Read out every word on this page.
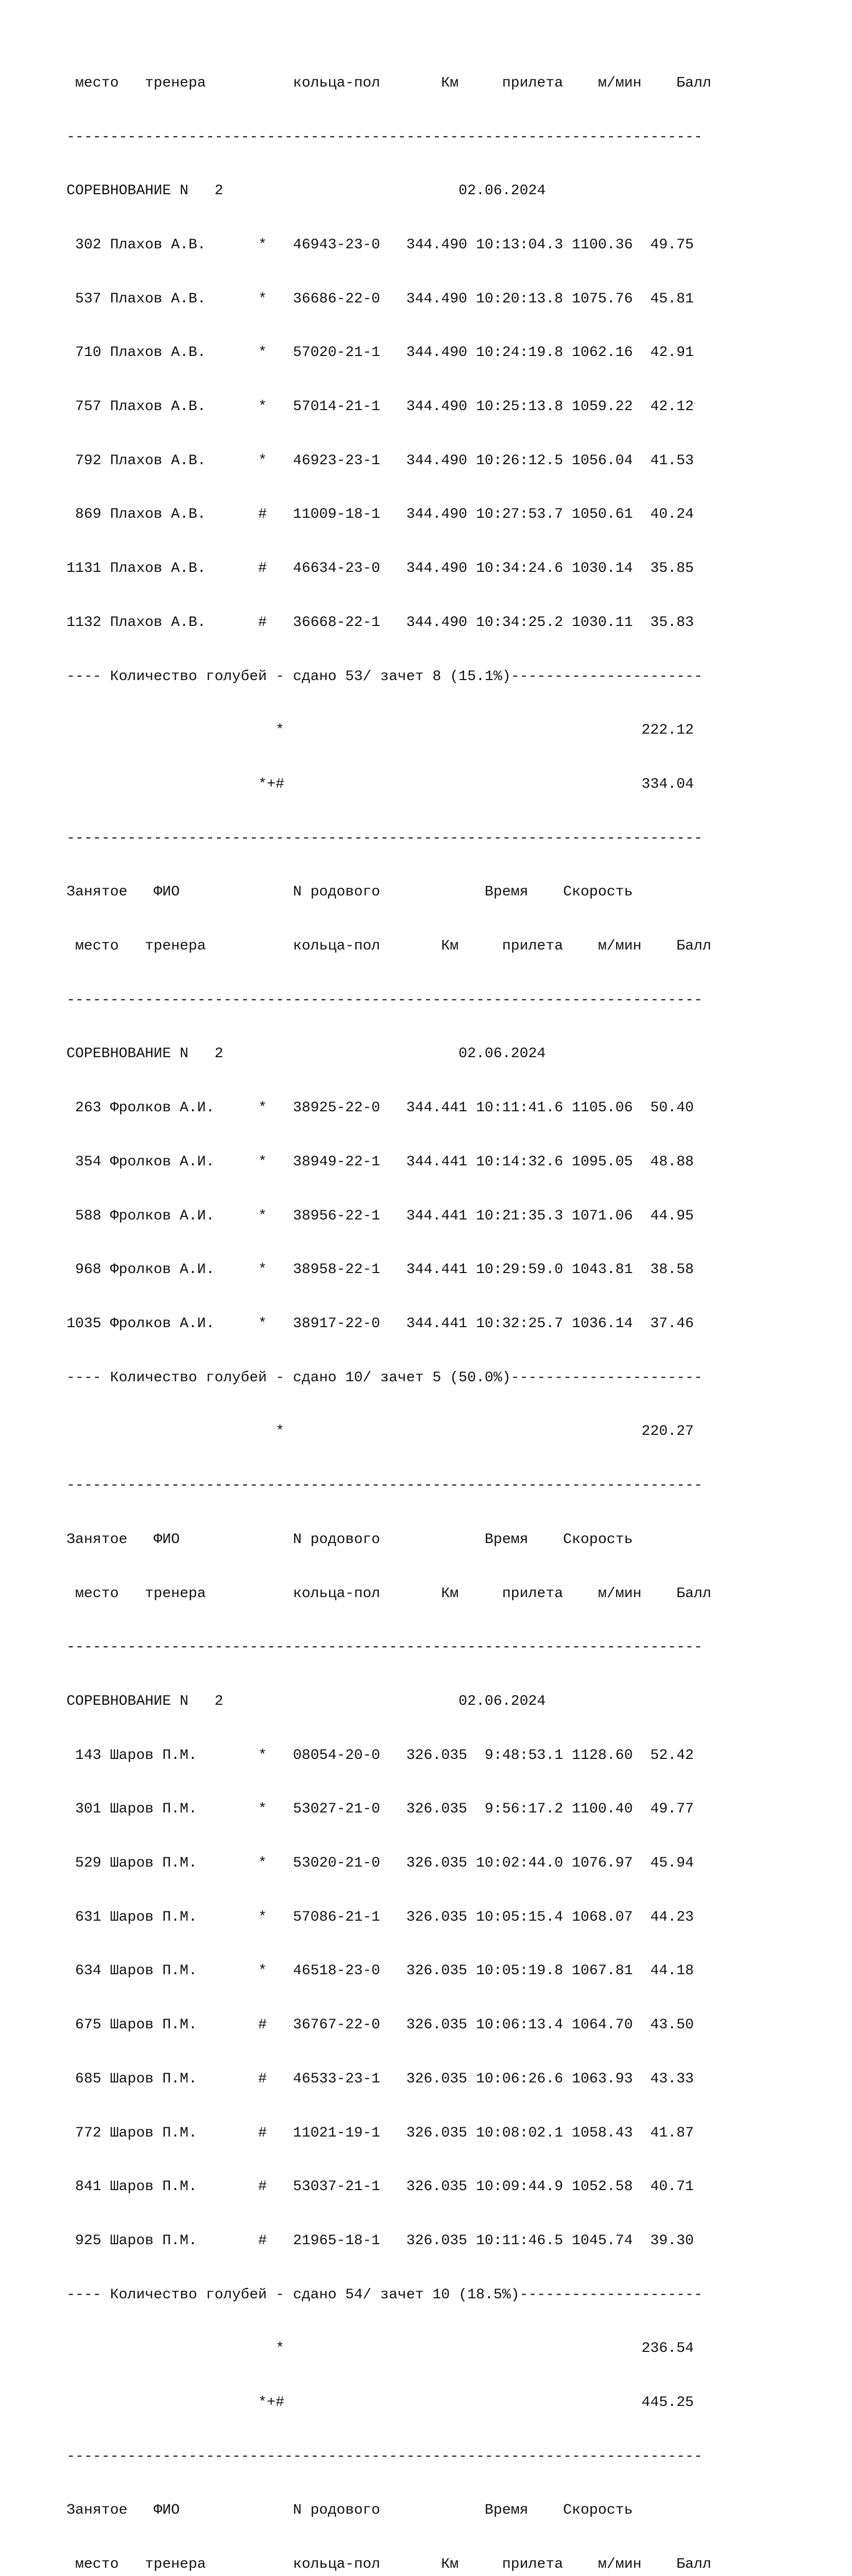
место   тренера          кольца-пол       Км     прилета    м/мин    Балл

-------------------------------------------------------------------------

СОРЕВНОВАНИЕ N   2                           02.06.2024

302 Плахов А.В.      *   46943-23-0   344.490 10:13:04.3 1100.36  49.75

537 Плахов А.В.      *   36686-22-0   344.490 10:20:13.8 1075.76  45.81

710 Плахов А.В.      *   57020-21-1   344.490 10:24:19.8 1062.16  42.91

757 Плахов А.В.      *   57014-21-1   344.490 10:25:13.8 1059.22  42.12

792 Плахов А.В.      *   46923-23-1   344.490 10:26:12.5 1056.04  41.53

869 Плахов А.В.      #   11009-18-1   344.490 10:27:53.7 1050.61  40.24

1131 Плахов А.В.      #   46634-23-0   344.490 10:34:24.6 1030.14  35.85

1132 Плахов А.В.      #   36668-22-1   344.490 10:34:25.2 1030.11  35.83

---- Количество голубей - сдано 53/ зачет 8 (15.1%)----------------------

*                                         222.12

*+#                                         334.04

-------------------------------------------------------------------------

Занятое   ФИО             N родового            Время    Скорость

место   тренера          кольца-пол       Км     прилета    м/мин    Балл

-------------------------------------------------------------------------

СОРЕВНОВАНИЕ N   2                           02.06.2024

263 Фролков А.И.     *   38925-22-0   344.441 10:11:41.6 1105.06  50.40

354 Фролков А.И.     *   38949-22-1   344.441 10:14:32.6 1095.05  48.88

588 Фролков А.И.     *   38956-22-1   344.441 10:21:35.3 1071.06  44.95

968 Фролков А.И.     *   38958-22-1   344.441 10:29:59.0 1043.81  38.58

1035 Фролков А.И.     *   38917-22-0   344.441 10:32:25.7 1036.14  37.46

---- Количество голубей - сдано 10/ зачет 5 (50.0%)----------------------

*                                         220.27

-------------------------------------------------------------------------

Занятое   ФИО             N родового            Время    Скорость

место   тренера          кольца-пол       Км     прилета    м/мин    Балл

-------------------------------------------------------------------------

СОРЕВНОВАНИЕ N   2                           02.06.2024

143 Шаров П.М.       *   08054-20-0   326.035  9:48:53.1 1128.60  52.42

301 Шаров П.М.       *   53027-21-0   326.035  9:56:17.2 1100.40  49.77

529 Шаров П.М.       *   53020-21-0   326.035 10:02:44.0 1076.97  45.94

631 Шаров П.М.       *   57086-21-1   326.035 10:05:15.4 1068.07  44.23

634 Шаров П.М.       *   46518-23-0   326.035 10:05:19.8 1067.81  44.18

675 Шаров П.М.       #   36767-22-0   326.035 10:06:13.4 1064.70  43.50

685 Шаров П.М.       #   46533-23-1   326.035 10:06:26.6 1063.93  43.33

772 Шаров П.М.       #   11021-19-1   326.035 10:08:02.1 1058.43  41.87

841 Шаров П.М.       #   53037-21-1   326.035 10:09:44.9 1052.58  40.71

925 Шаров П.М.       #   21965-18-1   326.035 10:11:46.5 1045.74  39.30

---- Количество голубей - сдано 54/ зачет 10 (18.5%)---------------------

*                                         236.54

*+#                                         445.25

-------------------------------------------------------------------------

Занятое   ФИО             N родового            Время    Скорость

место   тренера          кольца-пол       Км     прилета    м/мин    Балл
